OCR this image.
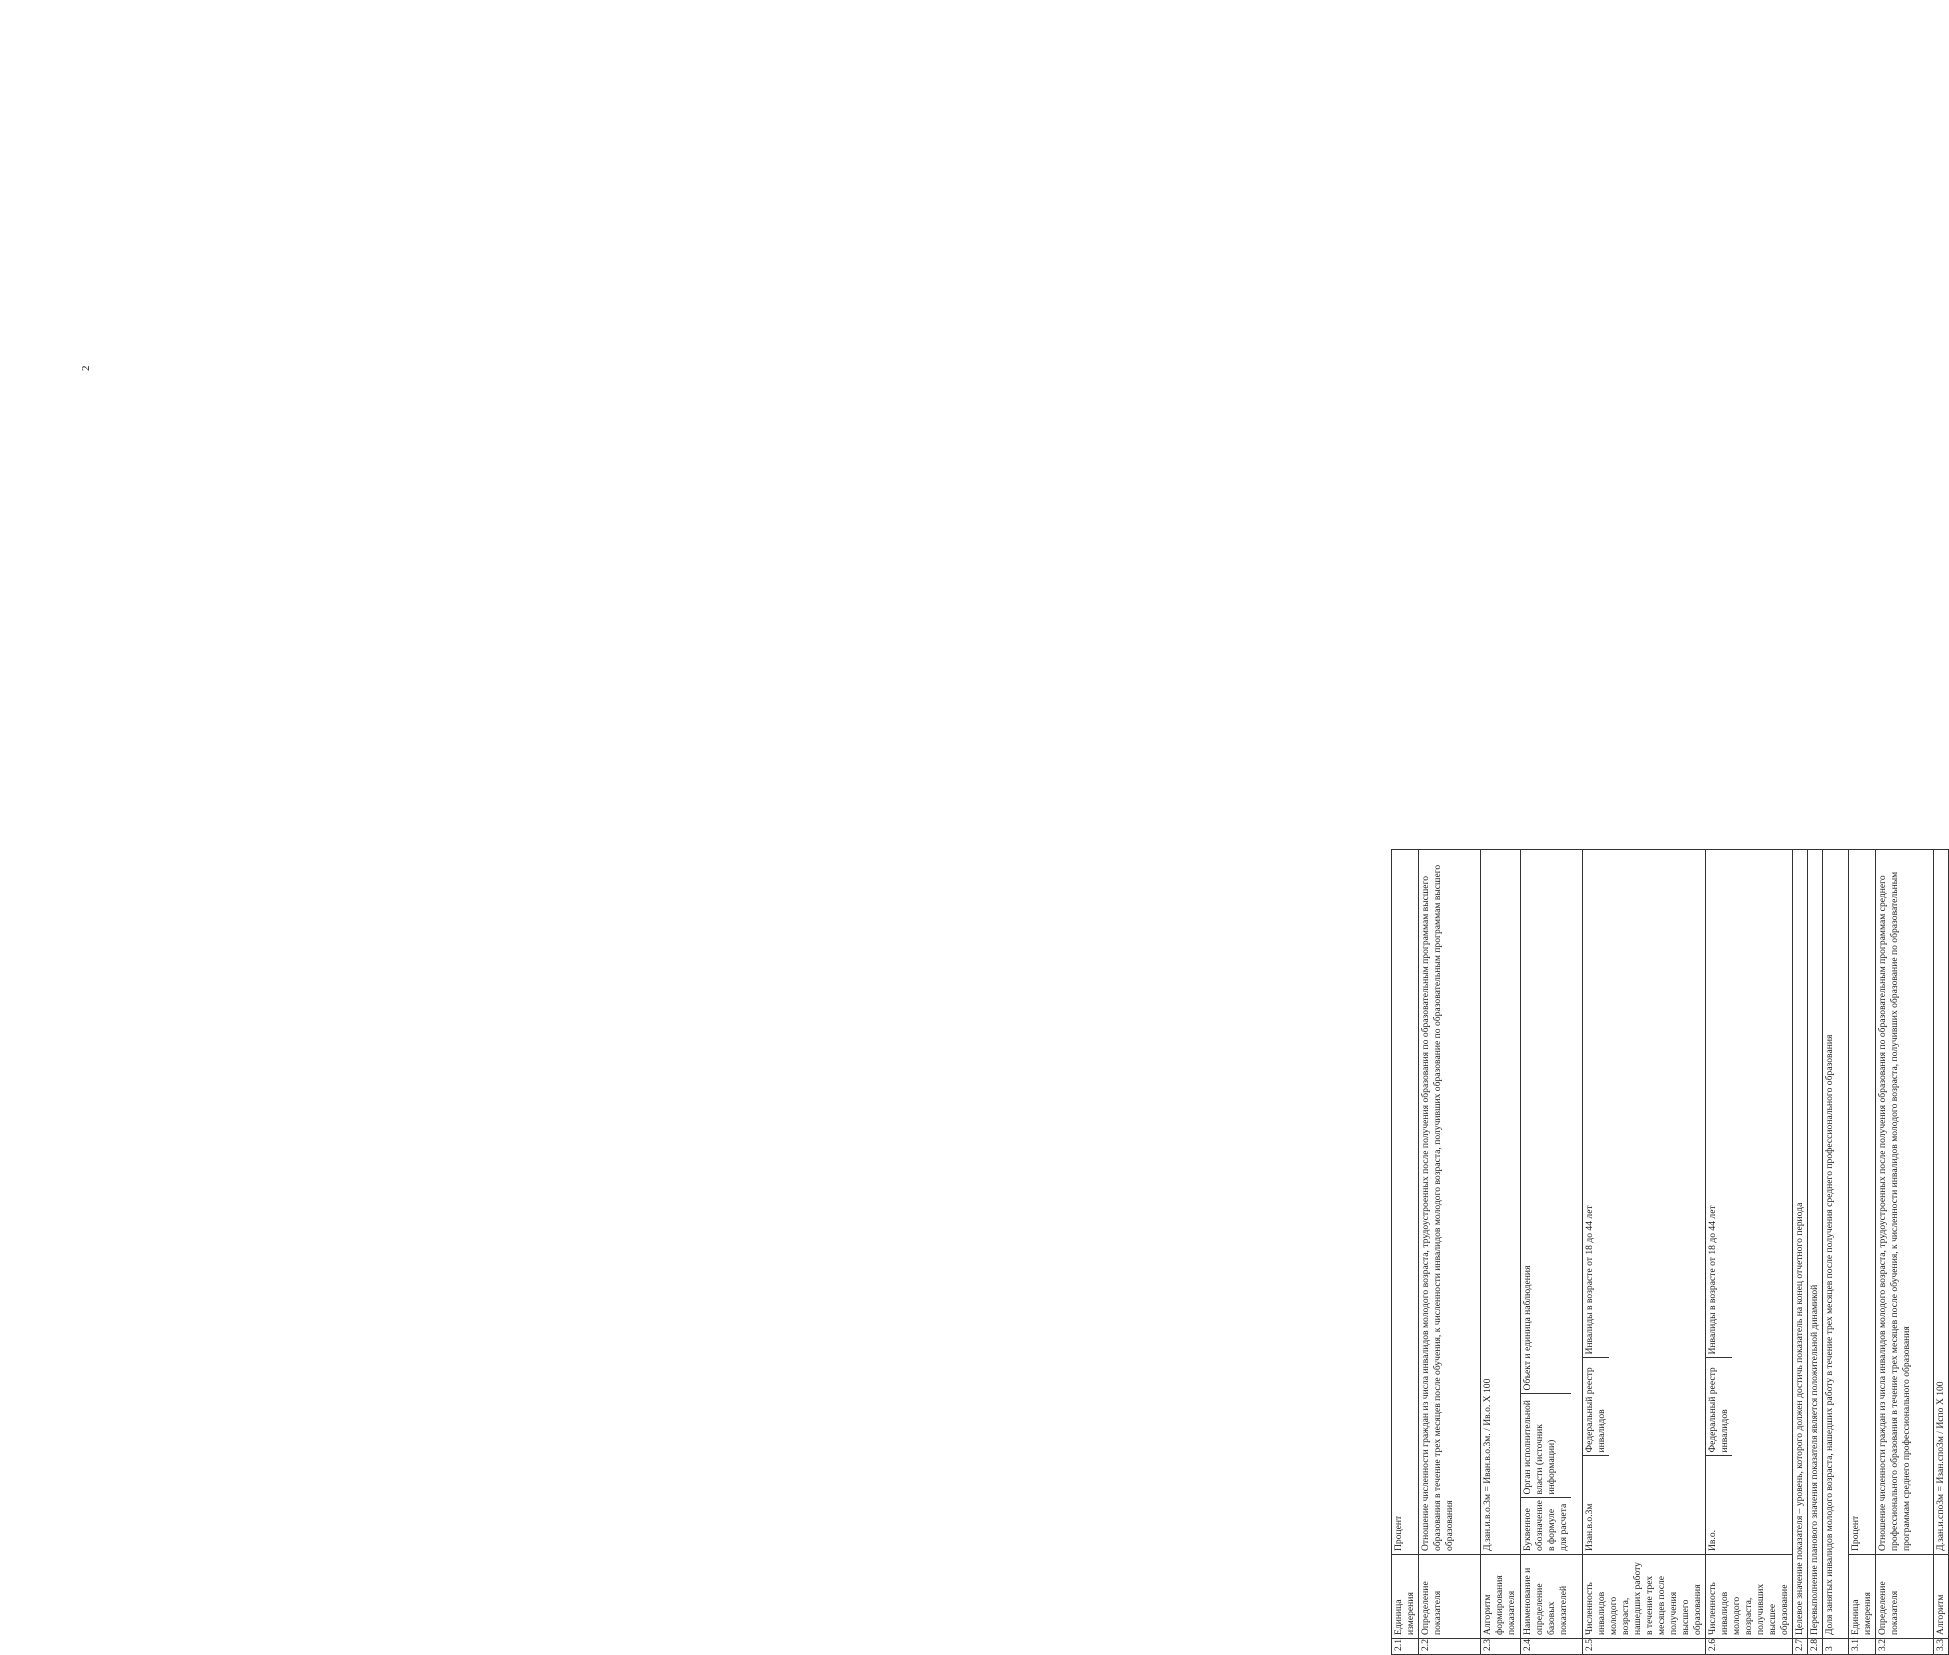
2
2.1	Единица измерения	Процент
2.2	Определение показателя	Отношение численности граждан из числа инвалидов молодого возраста, трудоустроенных после получения образования по образовательным программам высшего образования в течение трех месяцев после обучения, к численности инвалидов молодого возраста, получивших образование по образовательным программам высшего образования
2.3	Алгоритм формирования показателя	Д.зан.и.в.о.3м = Иван.в.о.3м. / Ив.о. Х 100
2.4	Наименование и определение базовых показателей	
Буквенное обозначение в формуле для расчета	Орган исполнительной власти (источник информации)	Объект и единица наблюдения

2.5	Численность инвалидов молодого возраста, нашедших работу в течение трех месяцев после получения высшего образования	
Изан.в.о.3м	Федеральный реестр инвалидов	Инвалиды в возрасте от 18 до 44 лет

2.6	Численность инвалидов молодого возраста, получивших высшее образование	
Ив.о.	Федеральный реестр инвалидов	Инвалиды в возрасте от 18 до 44 лет

2.7	Целевое значение показателя – уровень, которого должен достичь показатель на конец отчетного периода
2.8	Перевыполнение планового значения показателя является положительной динамикой
3	Доля занятых инвалидов молодого возраста, нашедших работу в течение трех месяцев после получения среднего профессионального образования
3.1	Единица измерения	Процент
3.2	Определение показателя	Отношение численности граждан из числа инвалидов молодого возраста, трудоустроенных после получения образования по образовательным программам среднего профессионального образования в течение трех месяцев после обучения, к численности инвалидов молодого возраста, получивших образование по образовательным программам среднего профессионального образования
3.3	Алгоритм	Д.зан.и.спо3м = Изан.спо3м / Испо Х 100
